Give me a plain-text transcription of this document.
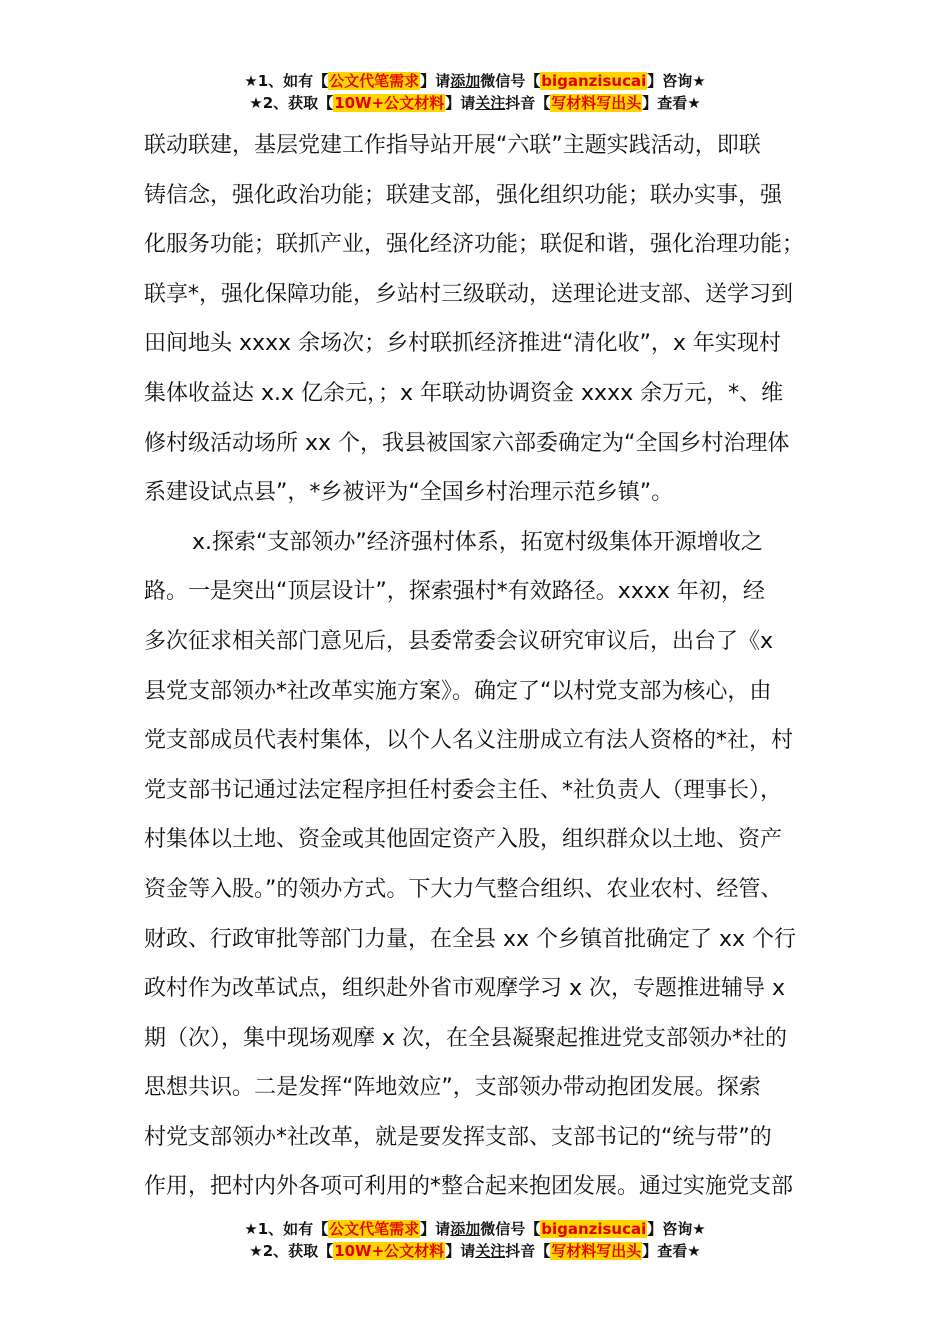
★1、如有【公文代笔需求】请添加微信号【biganzisucai】咨询★
★2、获取【10W+公文材料】请关注抖音【写材料写出头】查看★
联动联建，基层党建工作指导站开展“六联”主题实践活动，即联
铸信念，强化政治功能；联建支部，强化组织功能；联办实事，强
化服务功能；联抓产业，强化经济功能；联促和谐，强化治理功能；
联享*，强化保障功能，乡站村三级联动，送理论进支部、送学习到
田间地头 xxxx 余场次；乡村联抓经济推进“清化收”，x 年实现村
集体收益达 x.x 亿余元，；x 年联动协调资金 xxxx 余万元，*、维
修村级活动场所 xx 个，我县被国家六部委确定为“全国乡村治理体
系建设试点县”，*乡被评为“全国乡村治理示范乡镇”。
x.探索“支部领办”经济强村体系，拓宽村级集体开源增收之
路。一是突出“顶层设计”，探索强村*有效路径。xxxx 年初，经
多次征求相关部门意见后，县委常委会议研究审议后，出台了《x
县党支部领办*社改革实施方案》。确定了“以村党支部为核心，由
党支部成员代表村集体，以个人名义注册成立有法人资格的*社，村
党支部书记通过法定程序担任村委会主任、*社负责人（理事长），
村集体以土地、资金或其他固定资产入股，组织群众以土地、资产
资金等入股。”的领办方式。下大力气整合组织、农业农村、经管、
财政、行政审批等部门力量，在全县 xx 个乡镇首批确定了 xx 个行
政村作为改革试点，组织赴外省市观摩学习 x 次，专题推进辅导 x
期（次），集中现场观摩 x 次，在全县凝聚起推进党支部领办*社的
思想共识。二是发挥“阵地效应”，支部领办带动抱团发展。探索
村党支部领办*社改革，就是要发挥支部、支部书记的“统与带”的
作用，把村内外各项可利用的*整合起来抱团发展。通过实施党支部
★1、如有【公文代笔需求】请添加微信号【biganzisucai】咨询★
★2、获取【10W+公文材料】请关注抖音【写材料写出头】查看★
